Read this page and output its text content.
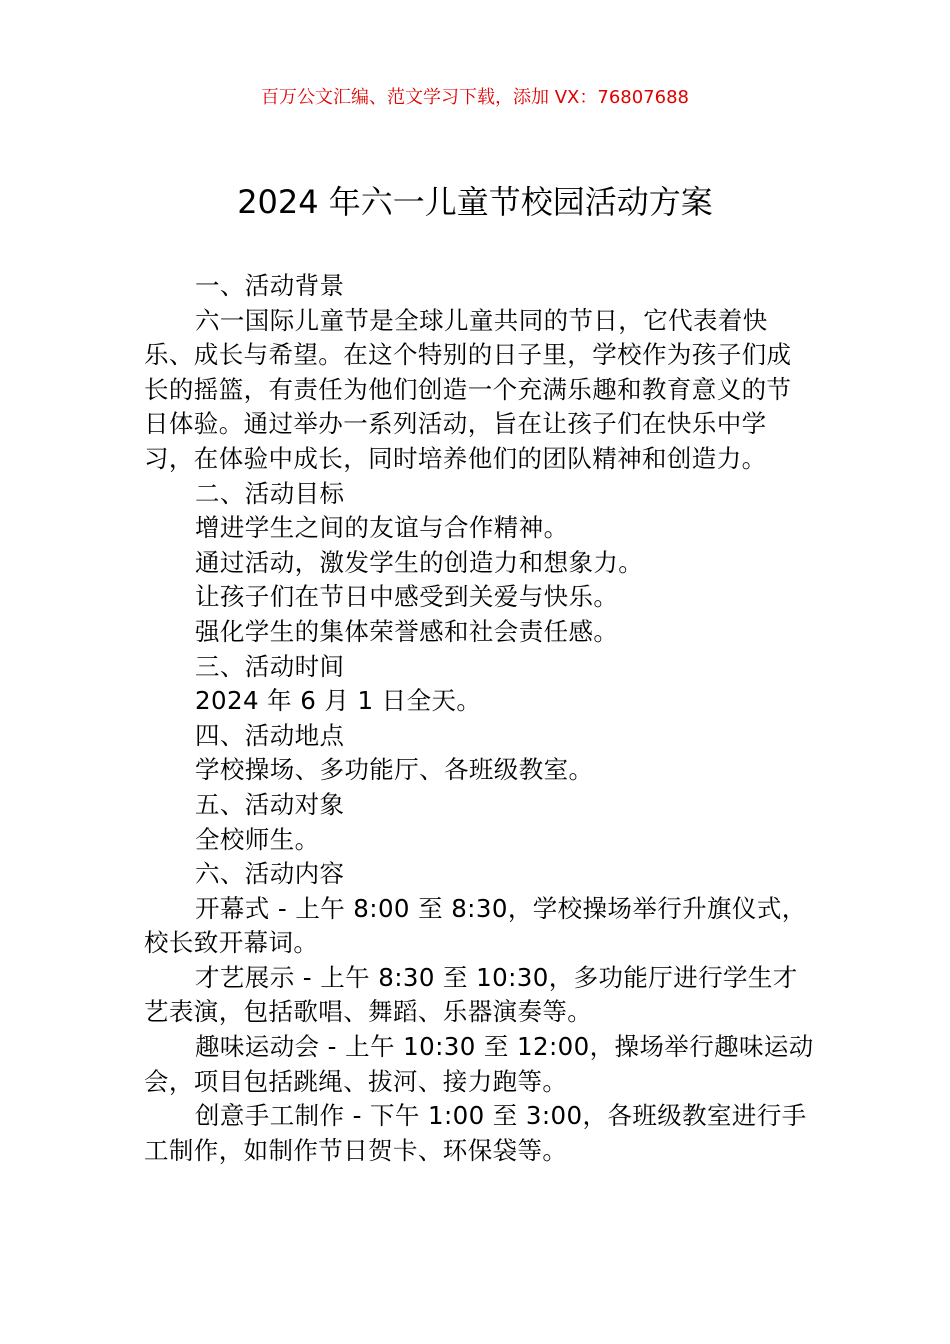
百万公文汇编、范文学习下载，添加 VX：76807688
2024 年六一儿童节校园活动方案

一、活动背景

六一国际儿童节是全球儿童共同的节日，它代表着快乐、成长与希望。在这个特别的日子里，学校作为孩子们成长的摇篮，有责任为他们创造一个充满乐趣和教育意义的节日体验。通过举办一系列活动，旨在让孩子们在快乐中学习，在体验中成长，同时培养他们的团队精神和创造力。

二、活动目标

增进学生之间的友谊与合作精神。

通过活动，激发学生的创造力和想象力。

让孩子们在节日中感受到关爱与快乐。

强化学生的集体荣誉感和社会责任感。

三、活动时间

2024 年 6 月 1 日全天。

四、活动地点

学校操场、多功能厅、各班级教室。

五、活动对象

全校师生。

六、活动内容

开幕式 - 上午 8:00 至 8:30，学校操场举行升旗仪式，校长致开幕词。

才艺展示 - 上午 8:30 至 10:30，多功能厅进行学生才艺表演，包括歌唱、舞蹈、乐器演奏等。

趣味运动会 - 上午 10:30 至 12:00，操场举行趣味运动会，项目包括跳绳、拔河、接力跑等。

创意手工制作 - 下午 1:00 至 3:00，各班级教室进行手工制作，如制作节日贺卡、环保袋等。
